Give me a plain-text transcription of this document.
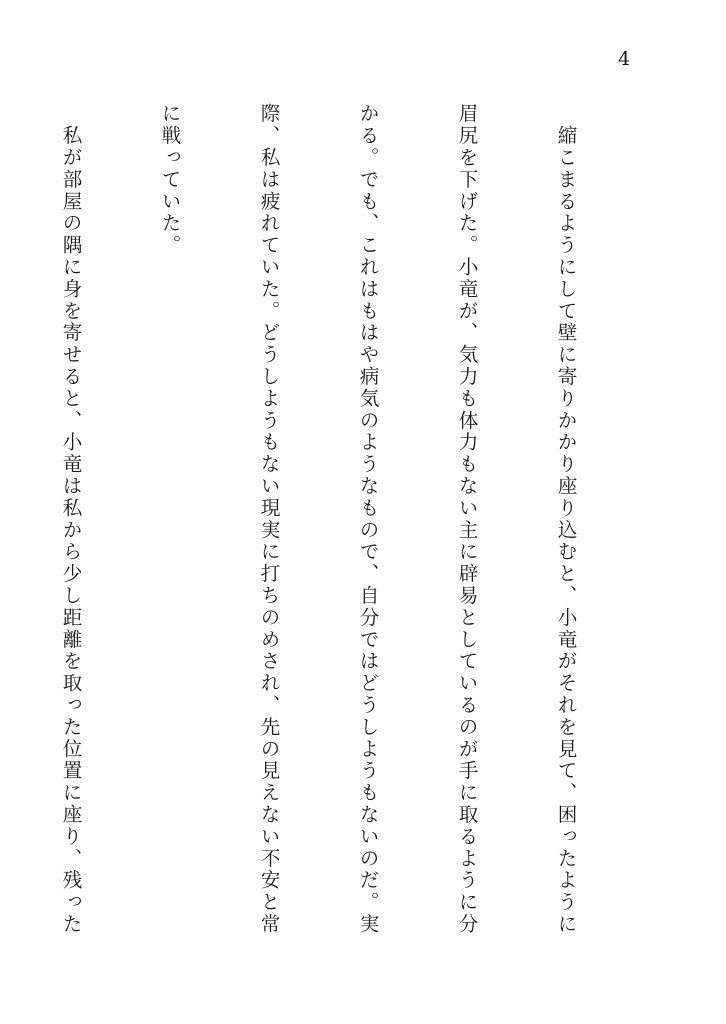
4

　縮こまるようにして壁に寄りかかり座り込むと、小竜がそれを見て、困ったように

眉尻を下げた。小竜が、気力も体力もない主に辟易としているのが手に取るように分

かる。でも、これはもはや病気のようなもので、自分ではどうしようもないのだ。実

際、私は疲れていた。どうしようもない現実に打ちのめされ、先の見えない不安と常

に戦っていた。

　私が部屋の隅に身を寄せると、小竜は私から少し距離を取った位置に座り、残った
